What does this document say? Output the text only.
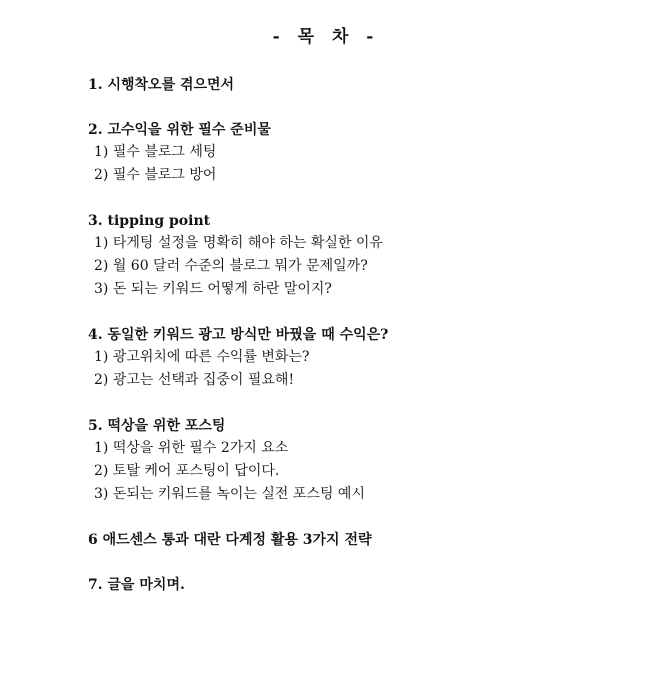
- 목 차 -
1. 시행착오를 겪으면서
2. 고수익을 위한 필수 준비물
1) 필수 블로그 세팅
2) 필수 블로그 방어
3. tipping point
1) 타게팅 설정을 명확히 해야 하는 확실한 이유
2) 월 60 달러 수준의 블로그 뭐가 문제일까?
3) 돈 되는 키워드 어떻게 하란 말이지?
4. 동일한 키워드 광고 방식만 바꿨을 때 수익은?
1) 광고위치에 따른 수익률 변화는?
2) 광고는 선택과 집중이 필요해!
5. 떡상을 위한 포스팅
1) 떡상을 위한 필수 2가지 요소
2) 토탈 케어 포스팅이 답이다.
3) 돈되는 키워드를 녹이는 실전 포스팅 예시
6 애드센스 통과 대란 다계정 활용 3가지 전략
7. 글을 마치며.
